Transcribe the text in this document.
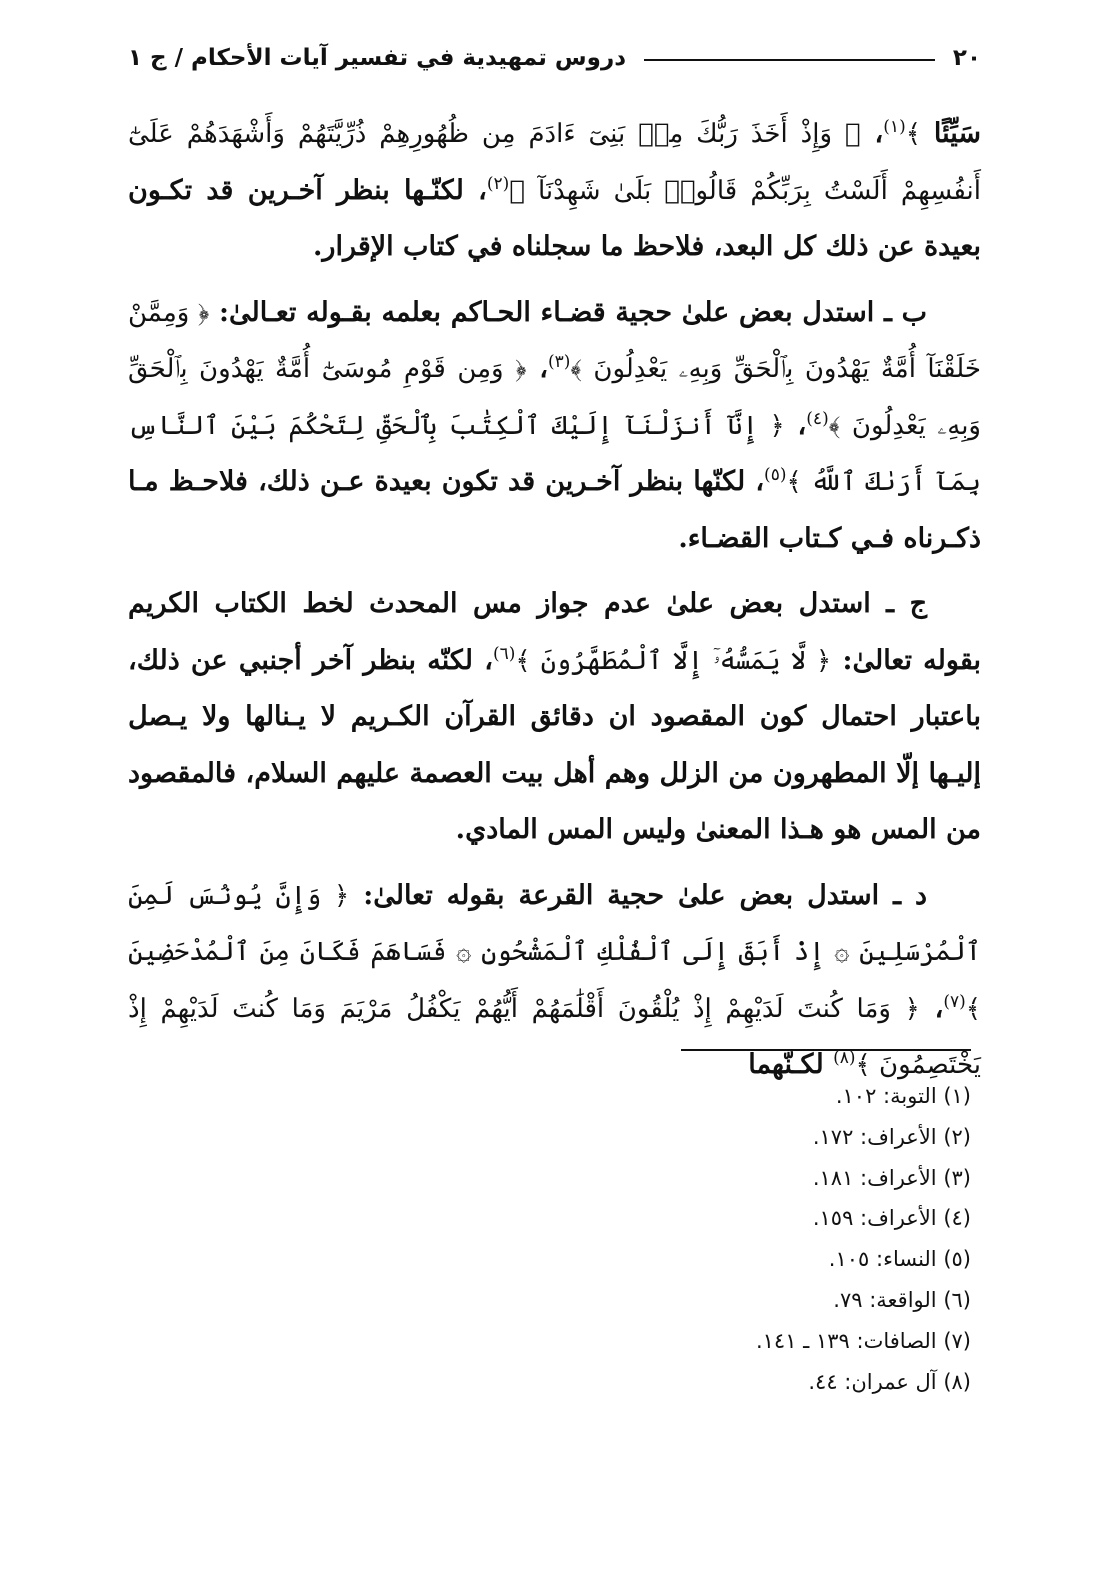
٢٠
دروس تمهيدية في تفسير آيات الأحكام / ج ١

سَيِّئًا ﴾$^{(١)}$، ﴿ وَإِذْ أَخَذَ رَبُّكَ مِنۢ بَنِىٓ ءَادَمَ مِن ظُهُورِهِمْ ذُرِّيَّتَهُمْ وَأَشْهَدَهُمْ عَلَىٰٓ أَنفُسِهِمْ أَلَسْتُ بِرَبِّكُمْ قَالُوا۟ بَلَىٰ شَهِدْنَآ ﴾$^{(٢)}$، لكنّـها بنظر آخـرين قد تكـون بعيدة عن ذلك كل البعد، فلاحظ ما سجلناه في كتاب الإقرار.

ب ـ استدل بعض علىٰ حجية قضـاء الحـاكم بعلمه بقـوله تعـالىٰ: ﴿ وَمِمَّنْ خَلَقْنَآ أُمَّةٌ يَهْدُونَ بِٱلْحَقِّ وَبِهِۦ يَعْدِلُونَ ﴾$^{(٣)}$، ﴿ وَمِن قَوْمِ مُوسَىٰٓ أُمَّةٌ يَهْدُونَ بِٱلْحَقِّ وَبِهِۦ يَعْدِلُونَ ﴾$^{(٤)}$، ﴿ إِنَّآ أَنزَلْنَآ إِلَيْكَ ٱلْكِتَٰبَ بِٱلْحَقِّ لِتَحْكُمَ بَيْنَ ٱلنَّاسِ بِمَآ أَرَىٰكَ ٱللَّهُ ﴾$^{(٥)}$، لكنّها بنظر آخـرين قد تكون بعيدة عـن ذلك، فلاحـظ مـا ذكـرناه فـي كـتاب القضـاء.

ج ـ استدل بعض علىٰ عدم جواز مس المحدث لخط الكتاب الكريم بقوله تعالىٰ: ﴿ لَّا يَمَسُّهُۥٓ إِلَّا ٱلْمُطَهَّرُونَ ﴾$^{(٦)}$، لكنّه بنظر آخر أجنبي عن ذلك، باعتبار احتمال كون المقصود ان دقائق القرآن الكـريم لا يـنالها ولا يـصل إليـها إلّا المطهرون من الزلل وهم أهل بيت العصمة عليهم السلام، فالمقصود من المس هو هـذا المعنىٰ وليس المس المادي.

د ـ استدل بعض علىٰ حجية القرعة بقوله تعالىٰ: ﴿ وَإِنَّ يُونُسَ لَمِنَ ٱلْمُرْسَلِينَ ۞ إِذْ أَبَقَ إِلَى ٱلْفُلْكِ ٱلْمَشْحُونِ ۞ فَسَاهَمَ فَكَانَ مِنَ ٱلْمُدْحَضِينَ ﴾$^{(٧)}$، ﴿ وَمَا كُنتَ لَدَيْهِمْ إِذْ يُلْقُونَ أَقْلَٰمَهُمْ أَيُّهُمْ يَكْفُلُ مَرْيَمَ وَمَا كُنتَ لَدَيْهِمْ إِذْ يَخْتَصِمُونَ ﴾$^{(٨)}$ لكـنّهما

(١) التوبة: ١٠٢.
(٢) الأعراف: ١٧٢.
(٣) الأعراف: ١٨١.
(٤) الأعراف: ١٥٩.
(٥) النساء: ١٠٥.
(٦) الواقعة: ٧٩.
(٧) الصافات: ١٣٩ ـ ١٤١.
(٨) آل عمران: ٤٤.
